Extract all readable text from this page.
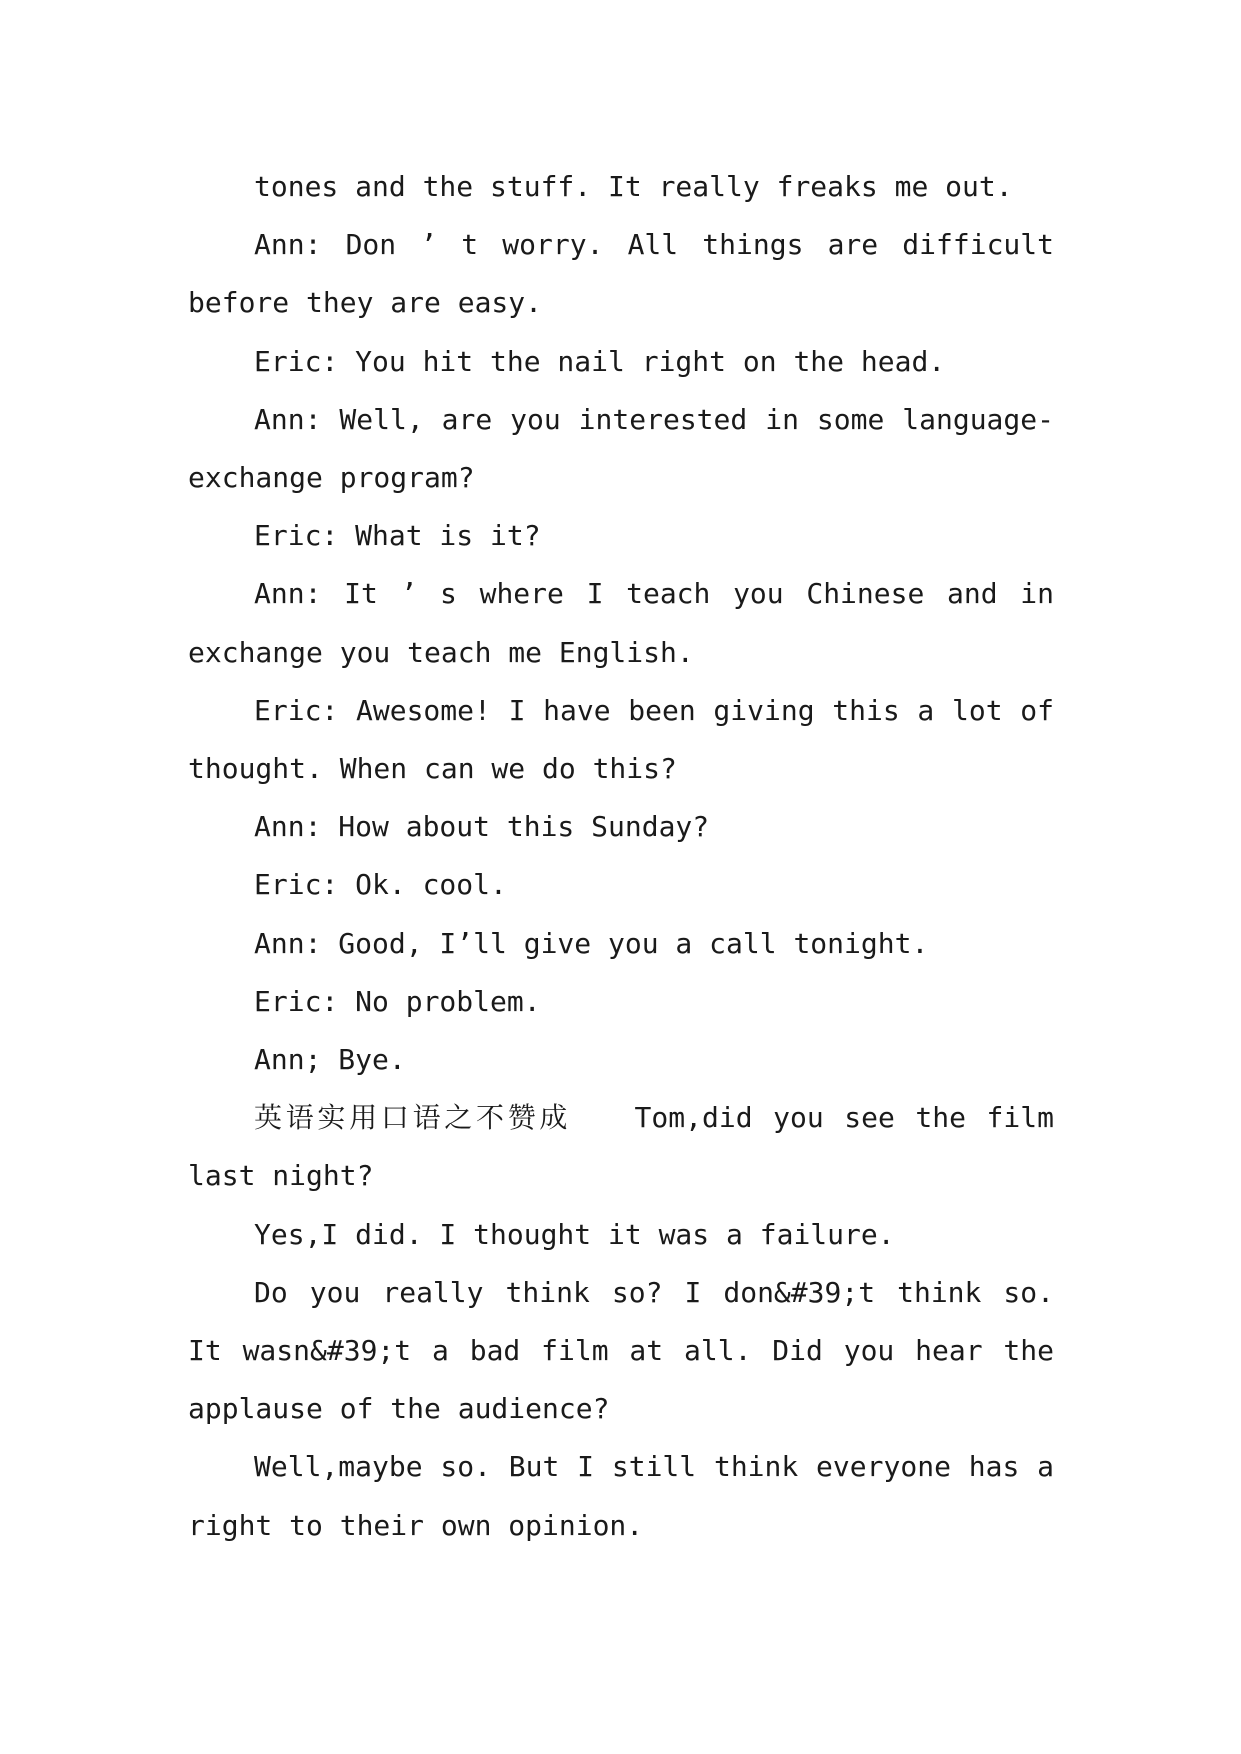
tones and the stuff. It really freaks me out.

Ann: Don ’ t worry. All things are difficult before they are easy.

Eric: You hit the nail right on the head.

Ann: Well, are you interested in some language-exchange program?

Eric: What is it?

Ann: It ’ s where I teach you Chinese and in exchange you teach me English.

Eric: Awesome! I have been giving this a lot of thought. When can we do this?

Ann: How about this Sunday?

Eric: Ok. cool.

Ann: Good, I’ll give you a call tonight.

Eric: No problem.

Ann; Bye.

英语实用口语之不赞成　　Tom,did you see the film last night?

Yes,I did. I thought it was a failure.

Do you really think so? I don&#39;t think so. It wasn&#39;t a bad film at all. Did you hear the applause of the audience?

Well,maybe so. But I still think everyone has a right to their own opinion.
